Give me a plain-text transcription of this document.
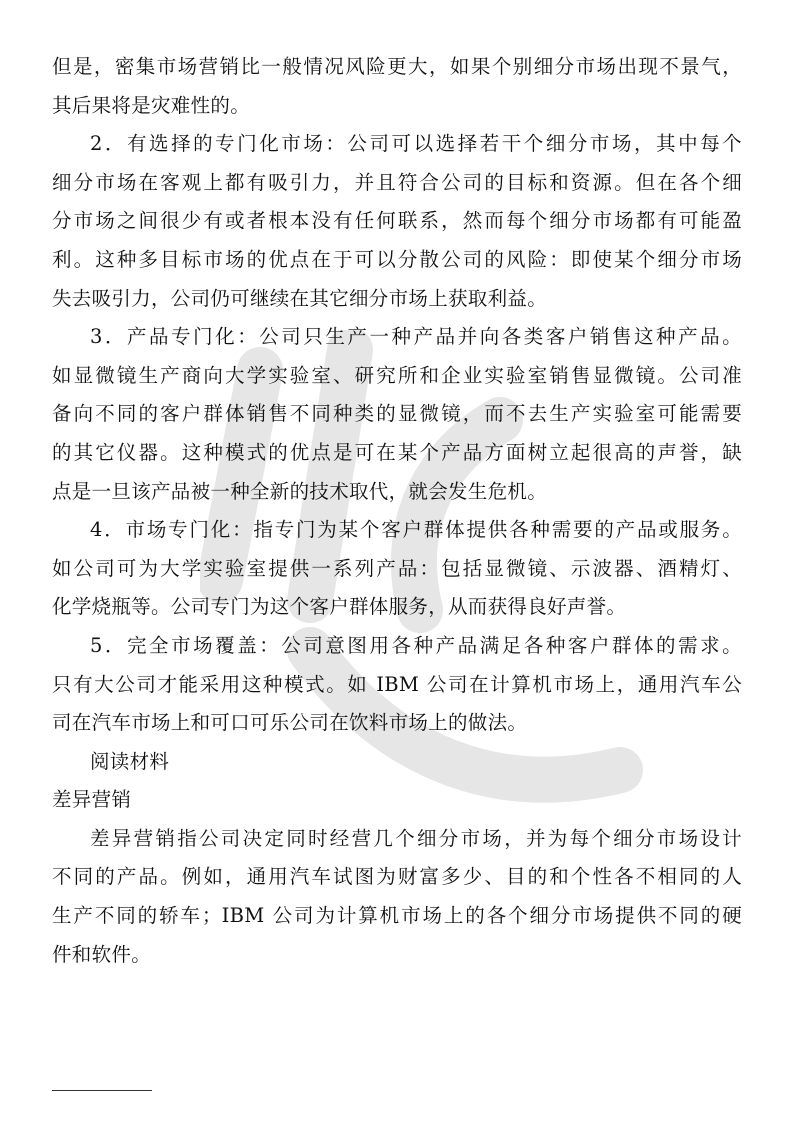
但是，密集市场营销比一般情况风险更大，如果个别细分市场出现不景气，
其后果将是灾难性的。
2．有选择的专门化市场：公司可以选择若干个细分市场，其中每个
细分市场在客观上都有吸引力，并且符合公司的目标和资源。但在各个细
分市场之间很少有或者根本没有任何联系，然而每个细分市场都有可能盈
利。这种多目标市场的优点在于可以分散公司的风险：即使某个细分市场
失去吸引力，公司仍可继续在其它细分市场上获取利益。
3．产品专门化：公司只生产一种产品并向各类客户销售这种产品。
如显微镜生产商向大学实验室、研究所和企业实验室销售显微镜。公司准
备向不同的客户群体销售不同种类的显微镜，而不去生产实验室可能需要
的其它仪器。这种模式的优点是可在某个产品方面树立起很高的声誉，缺
点是一旦该产品被一种全新的技术取代，就会发生危机。
4．市场专门化：指专门为某个客户群体提供各种需要的产品或服务。
如公司可为大学实验室提供一系列产品：包括显微镜、示波器、酒精灯、
化学烧瓶等。公司专门为这个客户群体服务，从而获得良好声誉。
5．完全市场覆盖：公司意图用各种产品满足各种客户群体的需求。
只有大公司才能采用这种模式。如 IBM 公司在计算机市场上，通用汽车公
司在汽车市场上和可口可乐公司在饮料市场上的做法。
阅读材料
差异营销
差异营销指公司决定同时经营几个细分市场，并为每个细分市场设计
不同的产品。例如，通用汽车试图为财富多少、目的和个性各不相同的人
生产不同的轿车；IBM 公司为计算机市场上的各个细分市场提供不同的硬
件和软件。
